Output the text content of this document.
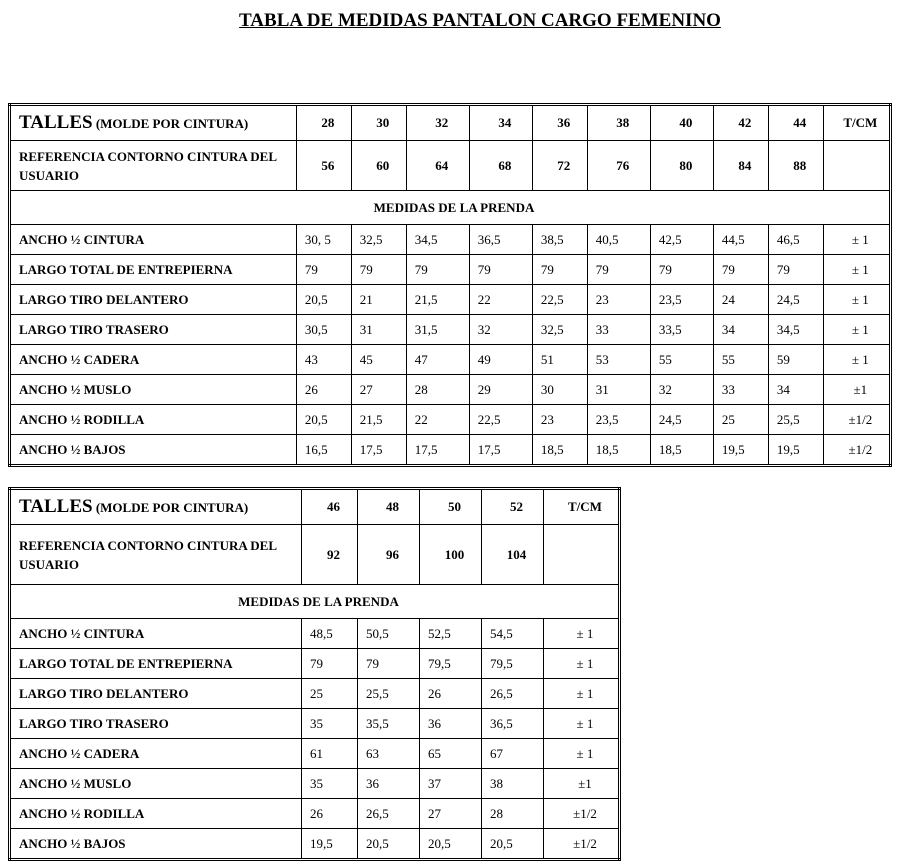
TABLA DE MEDIDAS PANTALON CARGO FEMENINO
TALLES (MOLDE POR CINTURA)	28	30	32	34	36	38	40	42	44	T/CM
REFERENCIA CONTORNO CINTURA DEL USUARIO	56	60	64	68	72	76	80	84	88	
MEDIDAS DE LA PRENDA										
ANCHO ½ CINTURA	30, 5	32,5	34,5	36,5	38,5	40,5	42,5	44,5	46,5	± 1
LARGO TOTAL DE ENTREPIERNA	79	79	79	79	79	79	79	79	79	± 1
LARGO TIRO DELANTERO	20,5	21	21,5	22	22,5	23	23,5	24	24,5	± 1
LARGO TIRO TRASERO	30,5	31	31,5	32	32,5	33	33,5	34	34,5	± 1
ANCHO ½ CADERA	43	45	47	49	51	53	55	55	59	± 1
ANCHO ½ MUSLO	26	27	28	29	30	31	32	33	34	±1
ANCHO ½ RODILLA	20,5	21,5	22	22,5	23	23,5	24,5	25	25,5	±1/2
ANCHO ½ BAJOS	16,5	17,5	17,5	17,5	18,5	18,5	18,5	19,5	19,5	±1/2
TALLES (MOLDE POR CINTURA)	46	48	50	52	T/CM
REFERENCIA CONTORNO CINTURA DEL USUARIO	92	96	100	104	
MEDIDAS DE LA PRENDA					
ANCHO ½ CINTURA	48,5	50,5	52,5	54,5	± 1
LARGO TOTAL DE ENTREPIERNA	79	79	79,5	79,5	± 1
LARGO TIRO DELANTERO	25	25,5	26	26,5	± 1
LARGO TIRO TRASERO	35	35,5	36	36,5	± 1
ANCHO ½ CADERA	61	63	65	67	± 1
ANCHO ½ MUSLO	35	36	37	38	±1
ANCHO ½ RODILLA	26	26,5	27	28	±1/2
ANCHO ½ BAJOS	19,5	20,5	20,5	20,5	±1/2
